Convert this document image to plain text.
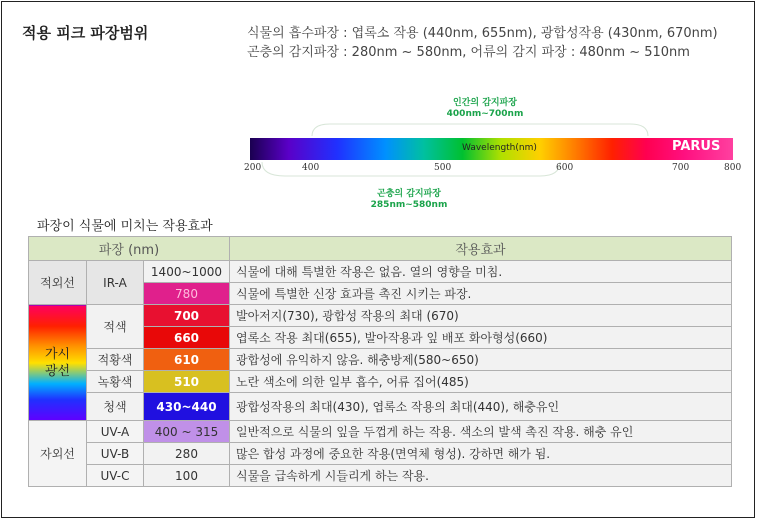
적용 피크 파장범위	식물의 흡수파장 : 엽록소 작용 (440nm, 655nm), 광합성작용 (430nm, 670nm)
곤충의 감지파장 : 280nm ~ 580nm, 어류의 감지 파장 : 480nm ~ 510nm
인간의 감지파장
400nm~700nm
Wavelength(nm)	PARUS
200	400	500	600	700	800
곤충의 감지파장
285nm~580nm
파장이 식물에 미치는 작용효과
파장 (nm)			작용효과
적외선	IR-A	1400~1000	식물에 대해 특별한 작용은 없음. 열의 영향을 미침.
		780	식물에 특별한 신장 효과를 촉진 시키는 파장.
가시광선	적색	700	발아저지(730), 광합성 작용의 최대 (670)
		660	엽록소 작용 최대(655), 발아작용과 잎 배포 화아형성(660)
	적황색	610	광합성에 유익하지 않음. 해충방제(580~650)
	녹황색	510	노란 색소에 의한 일부 흡수, 어류 집어(485)
	청색	430~440	광합성작용의 최대(430), 엽록소 작용의 최대(440), 해충유인
자외선	UV-A	400 ~ 315	일반적으로 식물의 잎을 두껍게 하는 작용. 색소의 발색 촉진 작용. 해충 유인
	UV-B	280	많은 합성 과정에 중요한 작용(면역체 형성). 강하면 해가 됨.
	UV-C	100	식물을 급속하게 시들리게 하는 작용.
